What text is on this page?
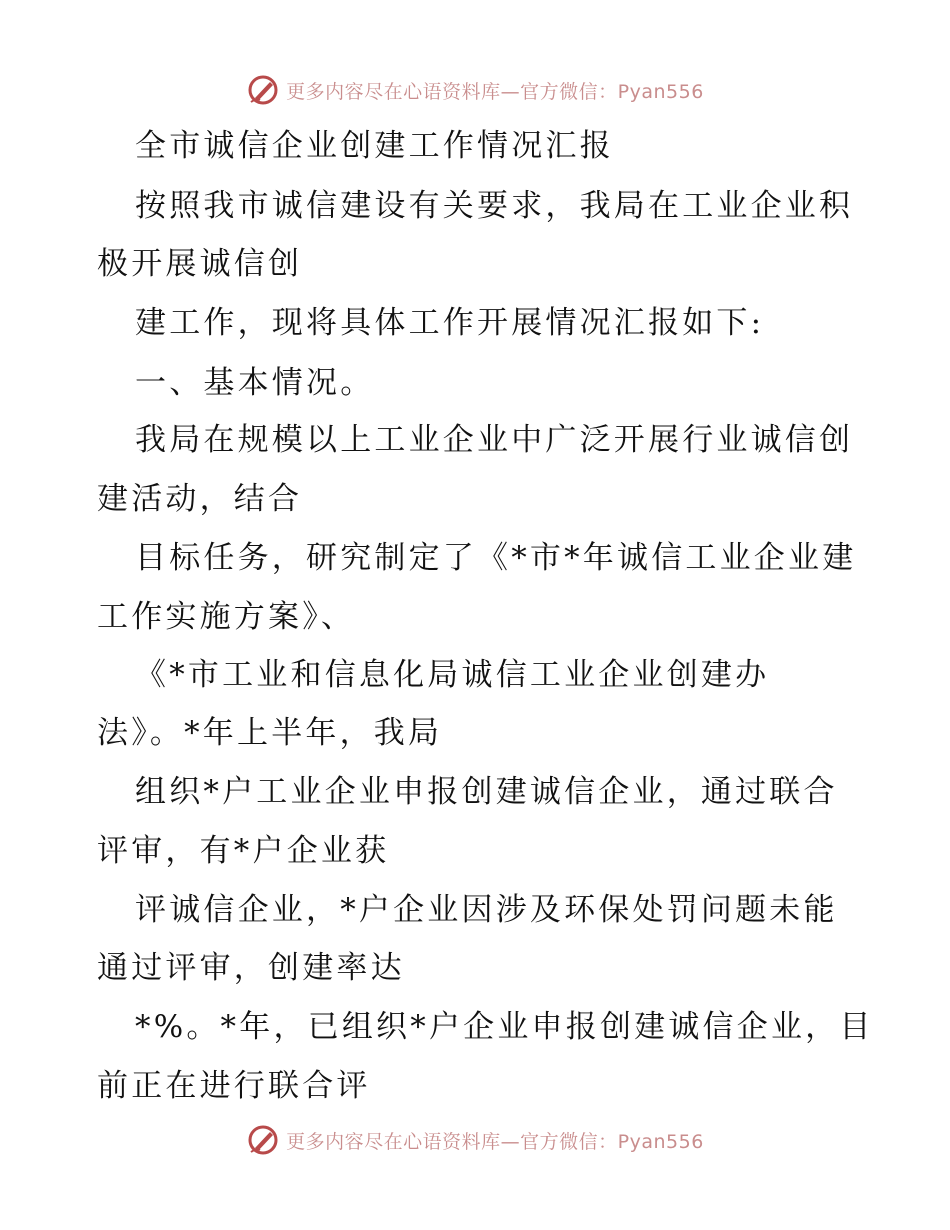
更多内容尽在心语资料库—官方微信：Pyan556
全市诚信企业创建工作情况汇报
按照我市诚信建设有关要求，我局在工业企业积
极开展诚信创
建工作，现将具体工作开展情况汇报如下:
一、基本情况。
我局在规模以上工业企业中广泛开展行业诚信创
建活动，结合
目标任务，研究制定了《*市*年诚信工业企业建
工作实施方案》、
《*市工业和信息化局诚信工业企业创建办
法》。*年上半年，我局
组织*户工业企业申报创建诚信企业，通过联合
评审，有*户企业获
评诚信企业，*户企业因涉及环保处罚问题未能
通过评审，创建率达
*%。*年，已组织*户企业申报创建诚信企业，目
前正在进行联合评
更多内容尽在心语资料库—官方微信：Pyan556
